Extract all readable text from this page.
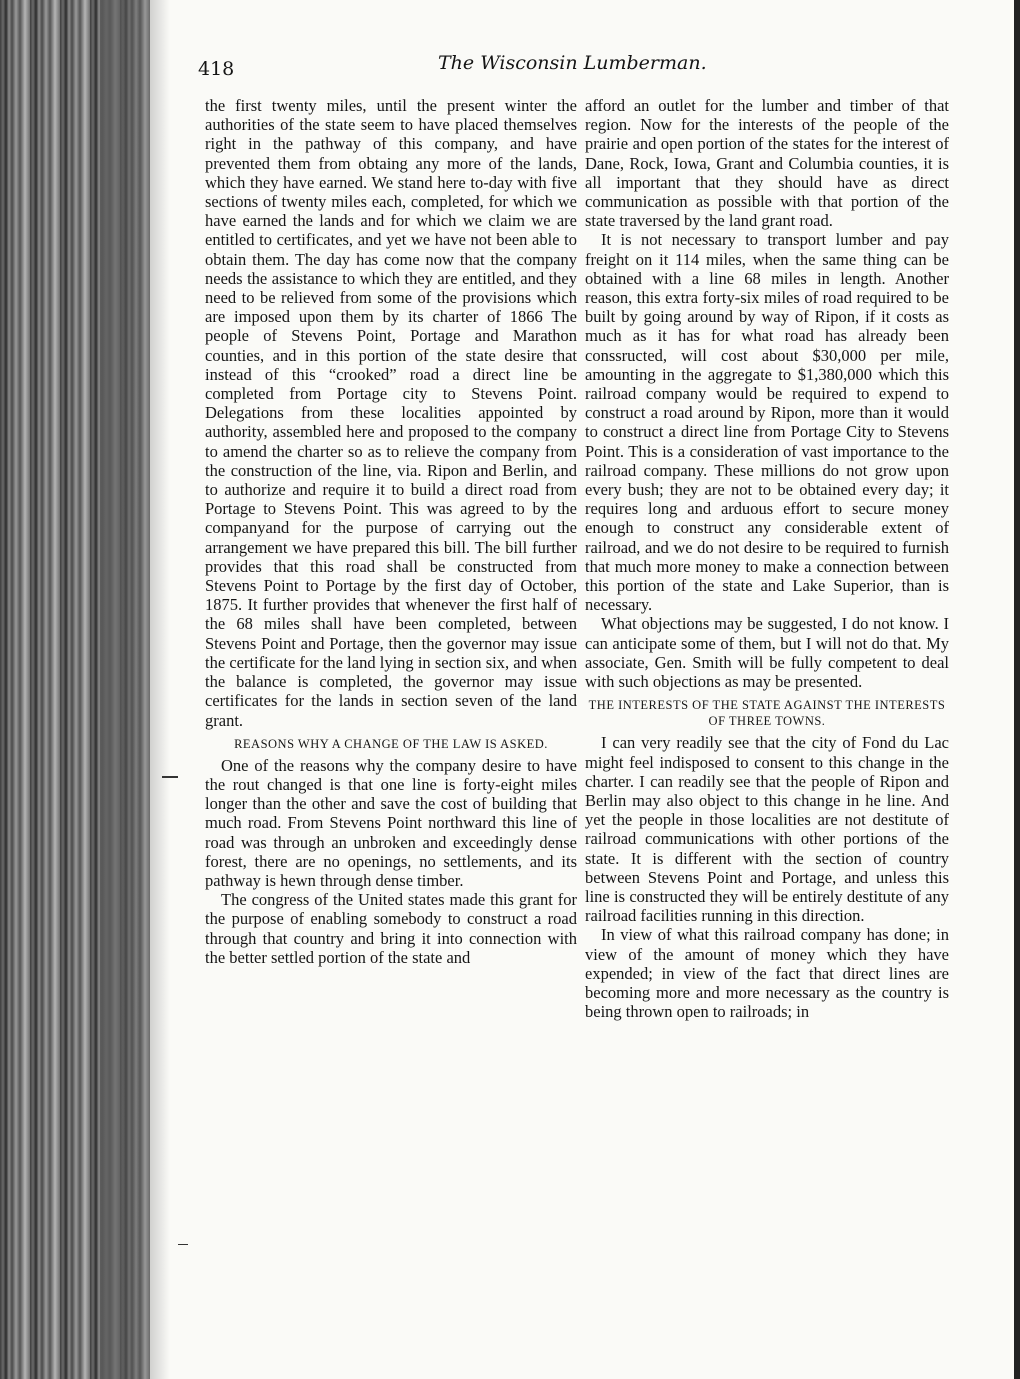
418	The Wisconsin Lumberman.

the first twenty miles, until the present winter the authorities of the state seem to have placed themselves right in the pathway of this company, and have prevented them from obtaing any more of the lands, which they have earned. We stand here to-day with five sections of twenty miles each, completed, for which we have earned the lands and for which we claim we are entitled to certificates, and yet we have not been able to obtain them. The day has come now that the company needs the assistance to which they are entitled, and they need to be relieved from some of the provisions which are imposed upon them by its charter of 1866 The people of Stevens Point, Portage and Marathon counties, and in this portion of the state desire that instead of this “crooked” road a direct line be completed from Portage city to Stevens Point. Delegations from these localities appointed by authority, assembled here and proposed to the company to amend the charter so as to relieve the company from the construction of the line, via. Ripon and Berlin, and to authorize and require it to build a direct road from Portage to Stevens Point. This was agreed to by the companyand for the purpose of carrying out the arrangement we have prepared this bill. The bill further provides that this road shall be constructed from Stevens Point to Portage by the first day of October, 1875. It further provides that whenever the first half of the 68 miles shall have been completed, between Stevens Point and Portage, then the governor may issue the certificate for the land lying in section six, and when the balance is completed, the governor may issue certificates for the lands in section seven of the land grant.

REASONS WHY A CHANGE OF THE LAW IS ASKED.

One of the reasons why the company desire to have the rout changed is that one line is forty-eight miles longer than the other and save the cost of building that much road. From Stevens Point northward this line of road was through an unbroken and exceedingly dense forest, there are no openings, no settlements, and its pathway is hewn through dense timber.

The congress of the United states made this grant for the purpose of enabling somebody to construct a road through that country and bring it into connection with the better settled portion of the state and

afford an outlet for the lumber and timber of that region. Now for the interests of the people of the prairie and open portion of the states for the interest of Dane, Rock, Iowa, Grant and Columbia counties, it is all important that they should have as direct communication as possible with that portion of the state traversed by the land grant road.

It is not necessary to transport lumber and pay freight on it 114 miles, when the same thing can be obtained with a line 68 miles in length. Another reason, this extra forty-six miles of road required to be built by going around by way of Ripon, if it costs as much as it has for what road has already been conssructed, will cost about $30,000 per mile, amounting in the aggregate to $1,380,000 which this railroad company would be required to expend to construct a road around by Ripon, more than it would to construct a direct line from Portage City to Stevens Point. This is a consideration of vast importance to the railroad company. These millions do not grow upon every bush; they are not to be obtained every day; it requires long and arduous effort to secure money enough to construct any considerable extent of railroad, and we do not desire to be required to furnish that much more money to make a connection between this portion of the state and Lake Superior, than is necessary.

What objections may be suggested, I do not know. I can anticipate some of them, but I will not do that. My associate, Gen. Smith will be fully competent to deal with such objections as may be presented.

THE INTERESTS OF THE STATE AGAINST THE INTERESTS OF THREE TOWNS.

I can very readily see that the city of Fond du Lac might feel indisposed to consent to this change in the charter. I can readily see that the people of Ripon and Berlin may also object to this change in he line. And yet the people in those localities are not destitute of railroad communications with other portions of the state. It is different with the section of country between Stevens Point and Portage, and unless this line is constructed they will be entirely destitute of any railroad facilities running in this direction.

In view of what this railroad company has done; in view of the amount of money which they have expended; in view of the fact that direct lines are becoming more and more necessary as the country is being thrown open to railroads; in
